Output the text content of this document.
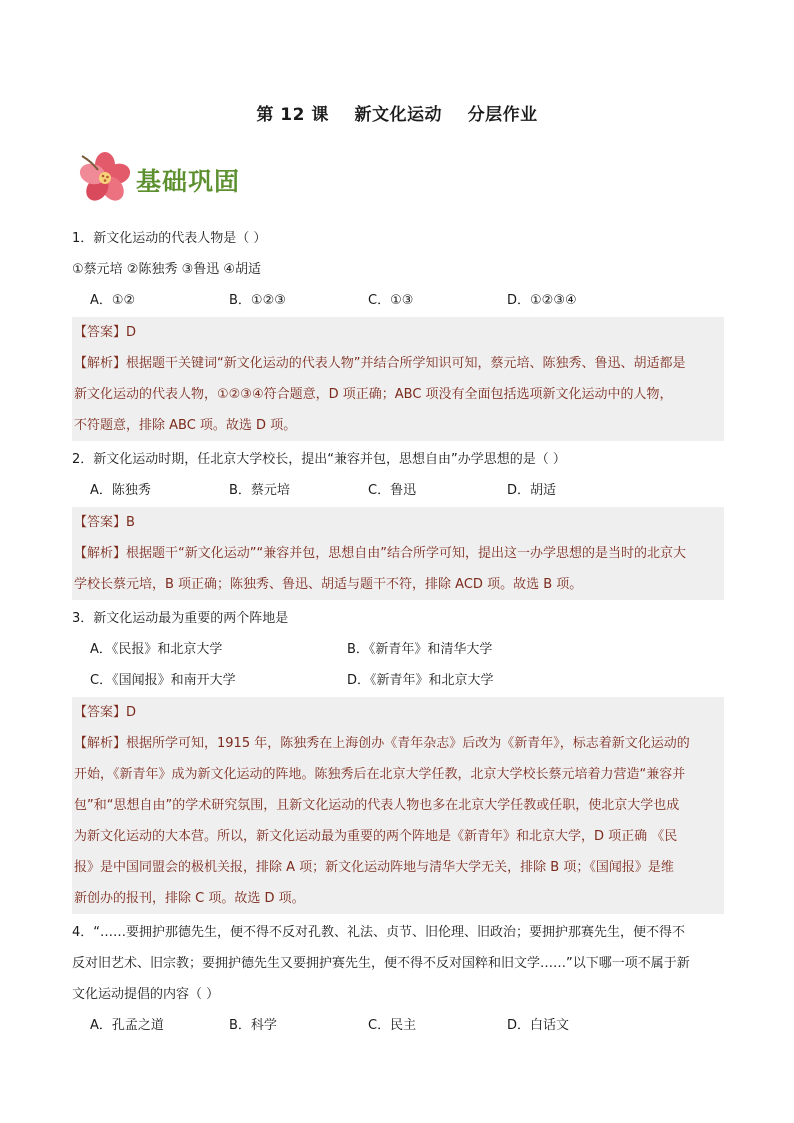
第 12 课    新文化运动    分层作业
基础巩固
1．新文化运动的代表人物是（ ）
①蔡元培 ②陈独秀 ③鲁迅 ④胡适
A．①②	B．①②③	C．①③	D．①②③④
【答案】D
【解析】根据题干关键词“新文化运动的代表人物”并结合所学知识可知，蔡元培、陈独秀、鲁迅、胡适都是
新文化运动的代表人物，①②③④符合题意，D 项正确；ABC 项没有全面包括选项新文化运动中的人物，
不符题意，排除 ABC 项。故选 D 项。
2．新文化运动时期，任北京大学校长，提出“兼容并包，思想自由”办学思想的是（ ）
A．陈独秀	B．蔡元培	C．鲁迅	D．胡适
【答案】B
【解析】根据题干“新文化运动”“兼容并包，思想自由”结合所学可知，提出这一办学思想的是当时的北京大
学校长蔡元培，B 项正确；陈独秀、鲁迅、胡适与题干不符，排除 ACD 项。故选 B 项。
3．新文化运动最为重要的两个阵地是
A．《民报》和北京大学	B．《新青年》和清华大学
C．《国闻报》和南开大学	D．《新青年》和北京大学
【答案】D
【解析】根据所学可知，1915 年，陈独秀在上海创办《青年杂志》后改为《新青年》，标志着新文化运动的
开始，《新青年》成为新文化运动的阵地。陈独秀后在北京大学任教，北京大学校长蔡元培着力营造“兼容并
包”和“思想自由”的学术研究氛围，且新文化运动的代表人物也多在北京大学任教或任职，使北京大学也成
为新文化运动的大本营。所以，新文化运动最为重要的两个阵地是《新青年》和北京大学，D 项正确 《民
报》是中国同盟会的极机关报，排除 A 项；新文化运动阵地与清华大学无关，排除 B 项；《国闻报》是维
新创办的报刊，排除 C 项。故选 D 项。
4．“……要拥护那德先生，便不得不反对孔教、礼法、贞节、旧伦理、旧政治；要拥护那赛先生，便不得不
反对旧艺术、旧宗教；要拥护德先生又要拥护赛先生，便不得不反对国粹和旧文学……”以下哪一项不属于新
文化运动提倡的内容（ ）
A．孔孟之道	B．科学	C．民主	D．白话文
